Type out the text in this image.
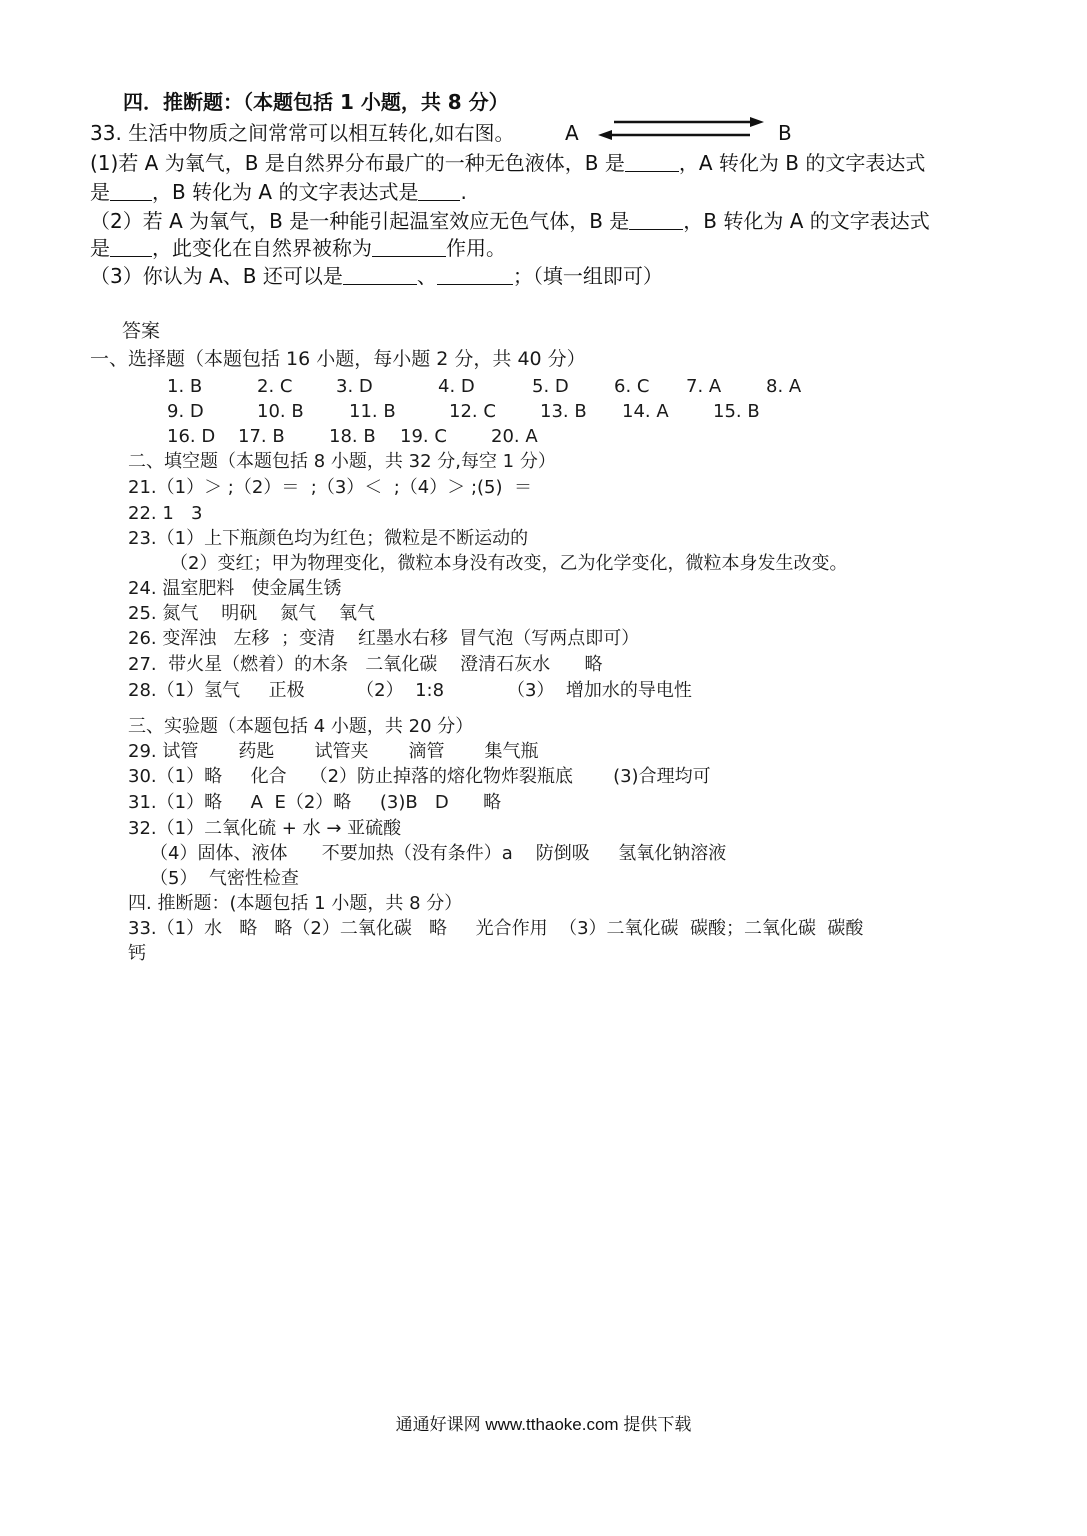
四．推断题：（本题包括 1 小题，共 8 分）
33. 生活中物质之间常常可以相互转化,如右图。	A	B
(1)若 A 为氧气，B 是自然界分布最广的一种无色液体，B 是	，A 转化为 B 的文字表达式
是 ，B 转化为 A 的文字表达式是 .
（2）若 A 为氧气，B 是一种能引起温室效应无色气体，B 是	，B 转化为 A 的文字表达式
是 ，此变化在自然界被称为	作用。
（3）你认为 A、B 还可以是	、	；（填一组即可）
答案
一、选择题（本题包括 16 小题，每小题 2 分，共 40 分）
1. B	2. C 3. D	4. D	5. D	6. C 7. A 8. A
9. D	10. B	11. B	12. C 13. B 14. A 15. B
16. D 17. B 18. B 19. C 20. A
二、填空题（本题包括 8 小题，共 32 分,每空 1 分）
21.（1）＞ ;（2）＝  ;（3）＜  ;（4）＞ ;(5)  ＝
22. 1   3
23.（1）上下瓶颜色均为红色；微粒是不断运动的
（2）变红；甲为物理变化，微粒本身没有改变，乙为化学变化，微粒本身发生改变。
24. 温室肥料   使金属生锈
25. 氮气    明矾    氮气    氧气
26. 变浑浊   左移  ；变清    红墨水右移  冒气泡（写两点即可）
27.  带火星（燃着）的木条   二氧化碳    澄清石灰水      略
28.（1）氢气     正极         （2）  1:8           （3）  增加水的导电性
三、实验题（本题包括 4 小题，共 20 分）
29. 试管       药匙       试管夹       滴管       集气瓶
30.（1）略     化合    （2）防止掉落的熔化物炸裂瓶底       (3)合理均可
31.（1）略     A  E（2）略     (3)B   D      略
32.（1）二氧化硫 + 水 → 亚硫酸
（4）固体、液体      不要加热（没有条件）a    防倒吸     氢氧化钠溶液
（5）  气密性检查
四. 推断题：(本题包括 1 小题，共 8 分）
33.（1）水   略   略（2）二氧化碳   略     光合作用  （3）二氧化碳  碳酸；二氧化碳  碳酸
钙
通通好课网 www.tthaoke.com 提供下载
